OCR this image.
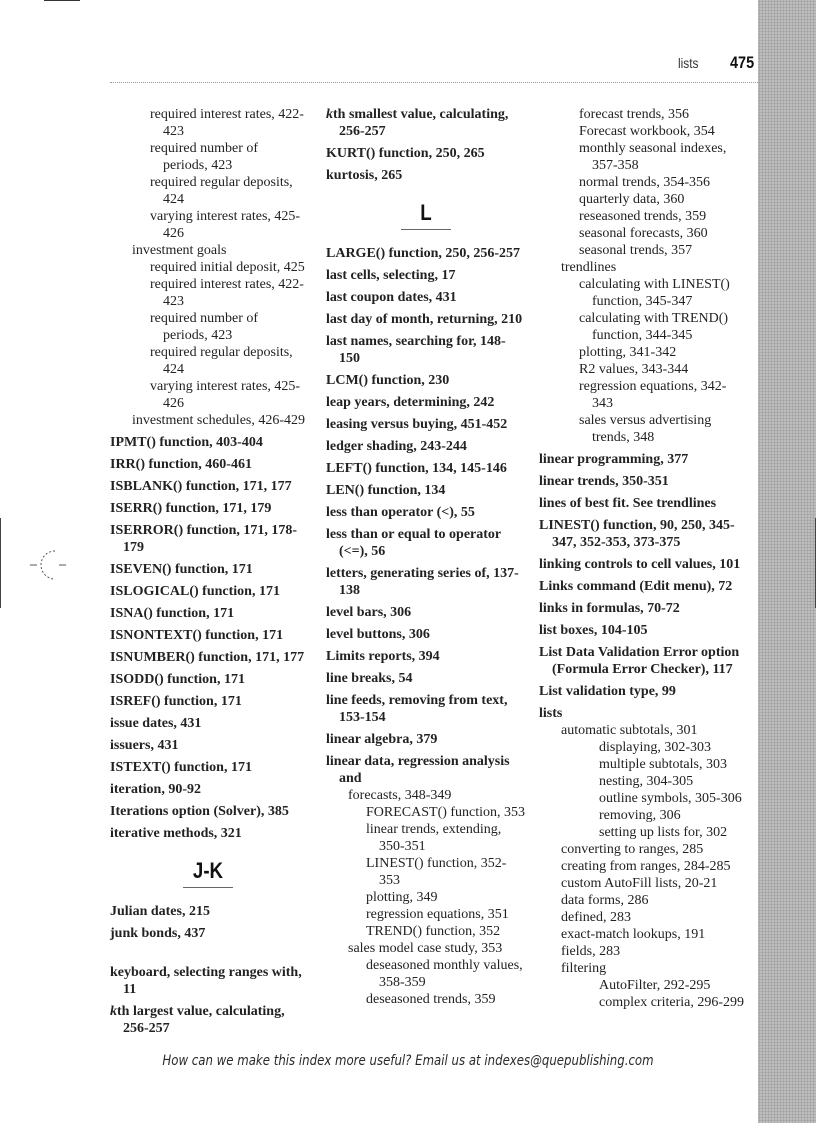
lists 475
required interest rates, 422-423
required number of periods, 423
required regular deposits, 424
varying interest rates, 425-426
investment goals
required initial deposit, 425
required interest rates, 422-423
required number of periods, 423
required regular deposits, 424
varying interest rates, 425-426
investment schedules, 426-429
IPMT() function, 403-404
IRR() function, 460-461
ISBLANK() function, 171, 177
ISERR() function, 171, 179
ISERROR() function, 171, 178-179
ISEVEN() function, 171
ISLOGICAL() function, 171
ISNA() function, 171
ISNONTEXT() function, 171
ISNUMBER() function, 171, 177
ISODD() function, 171
ISREF() function, 171
issue dates, 431
issuers, 431
ISTEXT() function, 171
iteration, 90-92
Iterations option (Solver), 385
iterative methods, 321
J-K
Julian dates, 215
junk bonds, 437
keyboard, selecting ranges with, 11
kth largest value, calculating, 256-257
kth smallest value, calculating, 256-257
KURT() function, 250, 265
kurtosis, 265
L
LARGE() function, 250, 256-257
last cells, selecting, 17
last coupon dates, 431
last day of month, returning, 210
last names, searching for, 148-150
LCM() function, 230
leap years, determining, 242
leasing versus buying, 451-452
ledger shading, 243-244
LEFT() function, 134, 145-146
LEN() function, 134
less than operator (<), 55
less than or equal to operator (<=), 56
letters, generating series of, 137-138
level bars, 306
level buttons, 306
Limits reports, 394
line breaks, 54
line feeds, removing from text, 153-154
linear algebra, 379
linear data, regression analysis and
forecasts, 348-349
FORECAST() function, 353
linear trends, extending, 350-351
LINEST() function, 352-353
plotting, 349
regression equations, 351
TREND() function, 352
sales model case study, 353
deseasoned monthly values, 358-359
deseasoned trends, 359
forecast trends, 356
Forecast workbook, 354
monthly seasonal indexes, 357-358
normal trends, 354-356
quarterly data, 360
reseasoned trends, 359
seasonal forecasts, 360
seasonal trends, 357
trendlines
calculating with LINEST() function, 345-347
calculating with TREND() function, 344-345
plotting, 341-342
R2 values, 343-344
regression equations, 342-343
sales versus advertising trends, 348
linear programming, 377
linear trends, 350-351
lines of best fit. See trendlines
LINEST() function, 90, 250, 345-347, 352-353, 373-375
linking controls to cell values, 101
Links command (Edit menu), 72
links in formulas, 70-72
list boxes, 104-105
List Data Validation Error option (Formula Error Checker), 117
List validation type, 99
lists
automatic subtotals, 301
displaying, 302-303
multiple subtotals, 303
nesting, 304-305
outline symbols, 305-306
removing, 306
setting up lists for, 302
converting to ranges, 285
creating from ranges, 284-285
custom AutoFill lists, 20-21
data forms, 286
defined, 283
exact-match lookups, 191
fields, 283
filtering
AutoFilter, 292-295
complex criteria, 296-299
How can we make this index more useful? Email us at indexes@quepublishing.com
